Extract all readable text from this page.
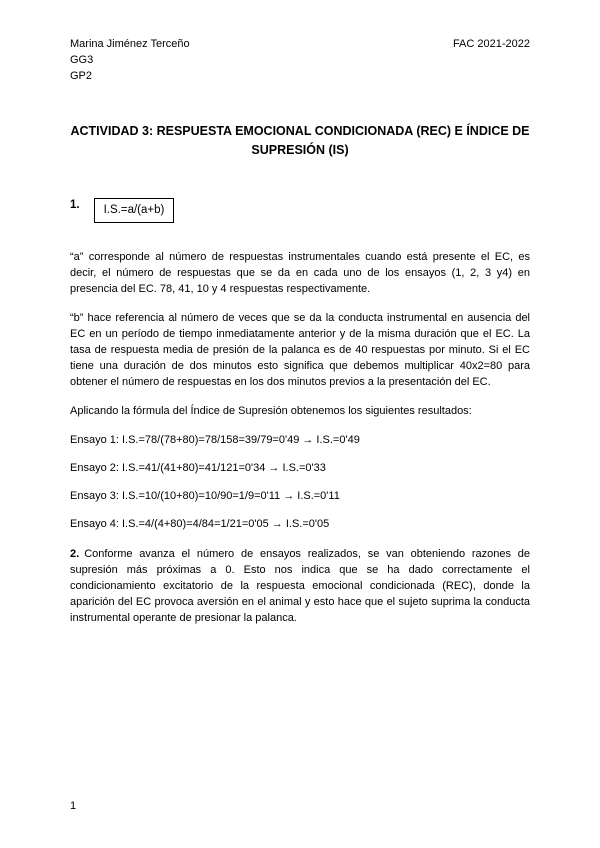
Marina Jiménez Terceño

GG3

GP2

FAC 2021-2022

ACTIVIDAD 3: RESPUESTA EMOCIONAL CONDICIONADA (REC) E ÍNDICE DE SUPRESIÓN (IS)
1.	I.S.=a/(a+b)

“a” corresponde al número de respuestas instrumentales cuando está presente el EC, es decir, el número de respuestas que se da en cada uno de los ensayos (1, 2, 3 y4) en presencia del EC. 78, 41, 10 y 4 respuestas respectivamente.

“b” hace referencia al número de veces que se da la conducta instrumental en ausencia del EC en un período de tiempo inmediatamente anterior y de la misma duración que el EC. La tasa de respuesta media de presión de la palanca es de 40 respuestas por minuto. Si el EC tiene una duración de dos minutos esto significa que debemos multiplicar 40x2=80 para obtener el número de respuestas en los dos minutos previos a la presentación del EC.

Aplicando la fórmula del Índice de Supresión obtenemos los siguientes resultados:

Ensayo 1: I.S.=78/(78+80)=78/158=39/79=0'49 → I.S.=0'49

Ensayo 2: I.S.=41/(41+80)=41/121=0'34 → I.S.=0'33

Ensayo 3: I.S.=10/(10+80)=10/90=1/9=0'11 → I.S.=0'11

Ensayo 4: I.S.=4/(4+80)=4/84=1/21=0'05 → I.S.=0'05

2. Conforme avanza el número de ensayos realizados, se van obteniendo razones de supresión más próximas a 0. Esto nos indica que se ha dado correctamente el condicionamiento excitatorio de la respuesta emocional condicionada (REC), donde la aparición del EC provoca aversión en el animal y esto hace que el sujeto suprima la conducta instrumental operante de presionar la palanca.

1
